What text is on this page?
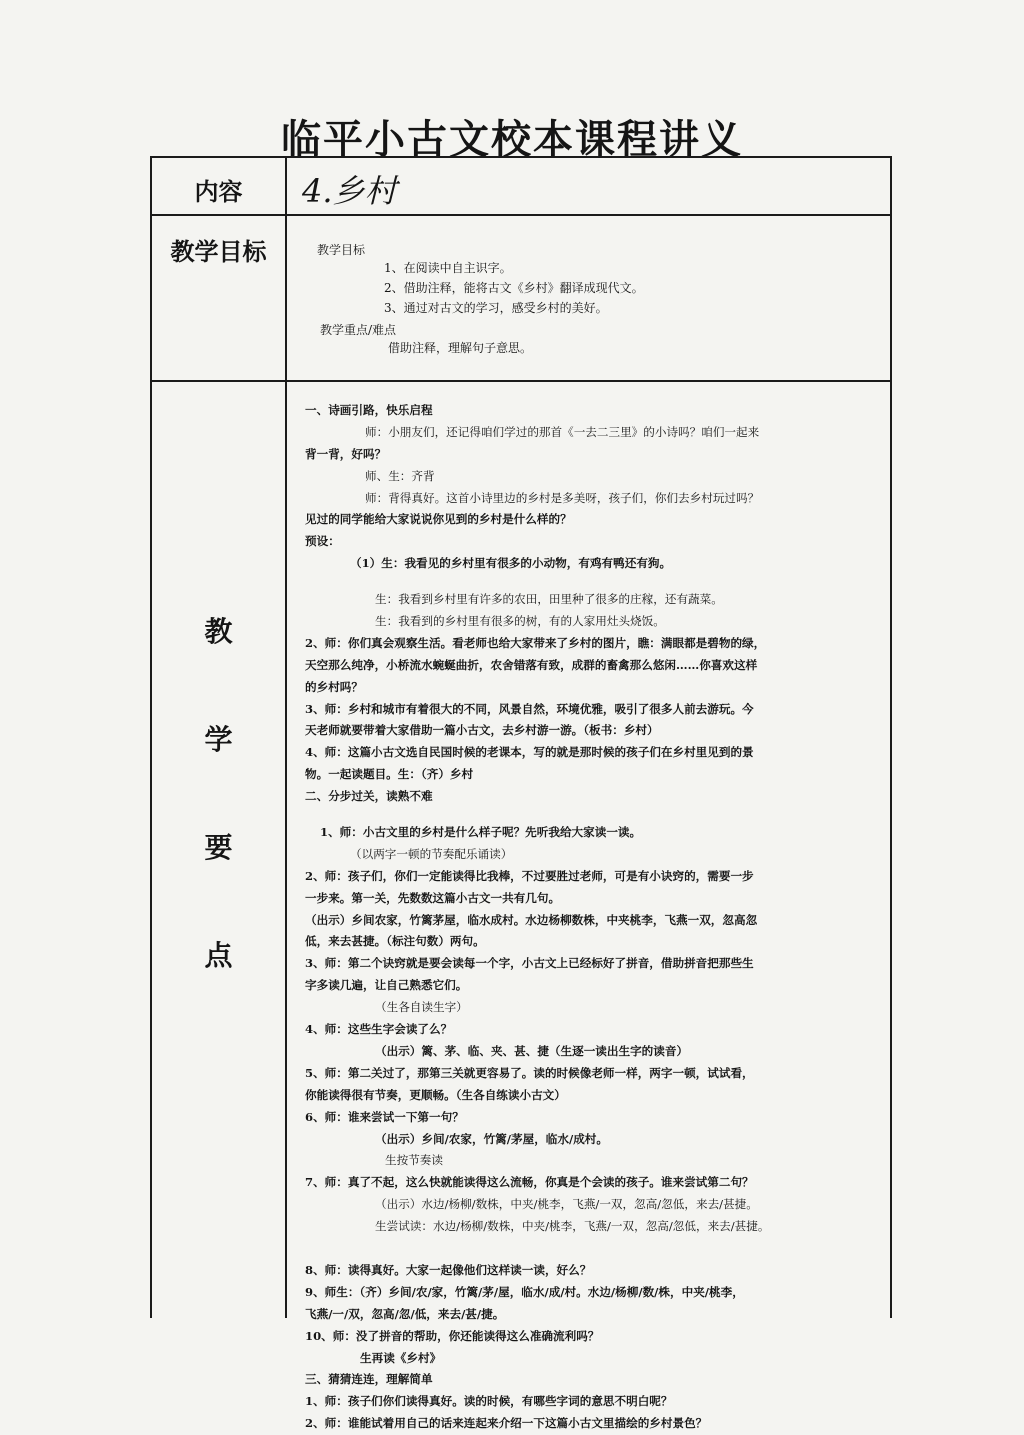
临平小古文校本课程讲义
内容	4.乡村
教学目标	教学目标
1、在阅读中自主识字。
2、借助注释，能将古文《乡村》翻译成现代文。
3、通过对古文的学习，感受乡村的美好。
教学重点/难点
借助注释，理解句子意思。
教
学
要
点
一、诗画引路，快乐启程
师：小朋友们，还记得咱们学过的那首《一去二三里》的小诗吗？咱们一起来
背一背，好吗？
师、生：齐背
师：背得真好。这首小诗里边的乡村是多美呀，孩子们，你们去乡村玩过吗？
见过的同学能给大家说说你见到的乡村是什么样的？
预设：
（1）生：我看见的乡村里有很多的小动物，有鸡有鸭还有狗。
生：我看到乡村里有许多的农田，田里种了很多的庄稼，还有蔬菜。
生：我看到的乡村里有很多的树，有的人家用灶头烧饭。
2、师：你们真会观察生活。看老师也给大家带来了乡村的图片，瞧：满眼都是碧物的绿，
天空那么纯净，小桥流水蜿蜒曲折，农舍错落有致，成群的畜禽那么悠闲……你喜欢这样
的乡村吗？
3、师：乡村和城市有着很大的不同，风景自然，环境优雅，吸引了很多人前去游玩。今
天老师就要带着大家借助一篇小古文，去乡村游一游。（板书：乡村）
4、师：这篇小古文选自民国时候的老课本，写的就是那时候的孩子们在乡村里见到的景
物。一起读题目。生：（齐）乡村
二、分步过关，读熟不难
1、师：小古文里的乡村是什么样子呢？先听我给大家读一读。
（以两字一顿的节奏配乐诵读）
2、师：孩子们，你们一定能读得比我棒，不过要胜过老师，可是有小诀窍的，需要一步
一步来。第一关，先数数这篇小古文一共有几句。
（出示）乡间农家，竹篱茅屋，临水成村。水边杨柳数株，中夹桃李，飞燕一双，忽高忽
低，来去甚捷。（标注句数）两句。
3、师：第二个诀窍就是要会读每一个字，小古文上已经标好了拼音，借助拼音把那些生
字多读几遍，让自己熟悉它们。
（生各自读生字）
4、师：这些生字会读了么？
（出示）篱、茅、临、夹、甚、捷（生逐一读出生字的读音）
5、师：第二关过了，那第三关就更容易了。读的时候像老师一样，两字一顿，试试看，
你能读得很有节奏，更顺畅。（生各自练读小古文）
6、师：谁来尝试一下第一句？
（出示）乡间/农家，竹篱/茅屋，临水/成村。
生按节奏读
7、师：真了不起，这么快就能读得这么流畅，你真是个会读的孩子。谁来尝试第二句？
（出示）水边/杨柳/数株，中夹/桃李，飞燕/一双，忽高/忽低，来去/甚捷。
生尝试读：水边/杨柳/数株，中夹/桃李，飞燕/一双，忽高/忽低，来去/甚捷。
8、师：读得真好。大家一起像他们这样读一读，好么？
9、师生：（齐）乡间/农/家，竹篱/茅/屋，临水/成/村。水边/杨柳/数/株，中夹/桃李，
飞燕/一/双，忽高/忽/低，来去/甚/捷。
10、师：没了拼音的帮助，你还能读得这么准确流利吗？
生再读《乡村》
三、猜猜连连，理解简单
1、师：孩子们你们读得真好。读的时候，有哪些字词的意思不明白呢？
2、师：谁能试着用自己的话来连起来介绍一下这篇小古文里描绘的乡村景色？
